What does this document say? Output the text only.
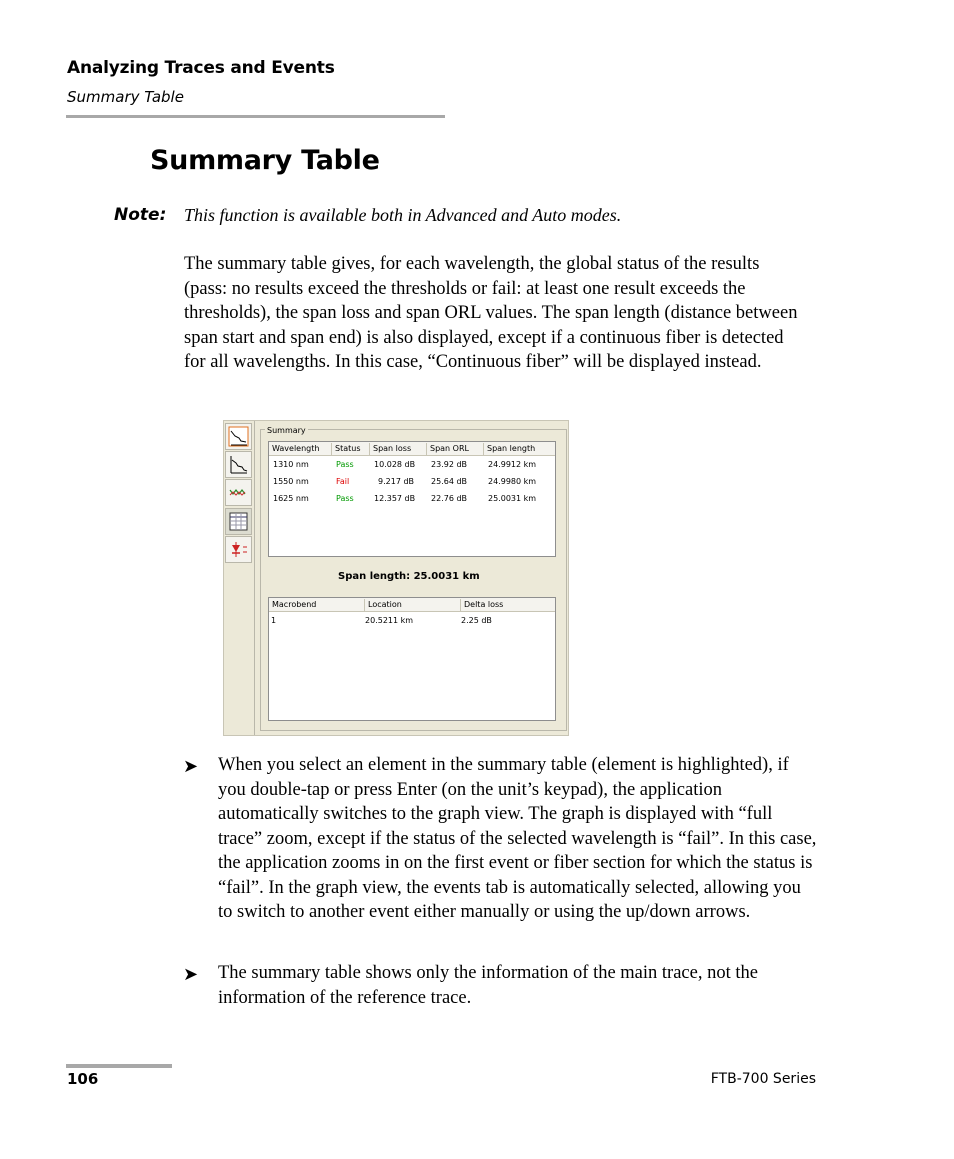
Analyzing Traces and Events
Summary Table
Summary Table
Note: This function is available both in Advanced and Auto modes.
The summary table gives, for each wavelength, the global status of the results (pass: no results exceed the thresholds or fail: at least one result exceeds the thresholds), the span loss and span ORL values. The span length (distance between span start and span end) is also displayed, except if a continuous fiber is detected for all wavelengths. In this case, “Continuous fiber” will be displayed instead.
Summary
Wavelength	Status	Span loss	Span ORL	Span length
1310 nm	Pass	10.028 dB 23.92 dB	24.9912 km
1550 nm	Fail	9.217 dB 25.64 dB	24.9980 km
1625 nm	Pass	12.357 dB 22.76 dB	25.0031 km
Span length: 25.0031 km
Macrobend	Location	Delta loss
1	20.5211 km	2.25 dB
➤ When you select an element in the summary table (element is highlighted), if you double-tap or press Enter (on the unit’s keypad), the application automatically switches to the graph view. The graph is displayed with “full trace” zoom, except if the status of the selected wavelength is “fail”. In this case, the application zooms in on the first event or fiber section for which the status is “fail”. In the graph view, the events tab is automatically selected, allowing you to switch to another event either manually or using the up/down arrows.
➤ The summary table shows only the information of the main trace, not the information of the reference trace.
106	FTB-700 Series
